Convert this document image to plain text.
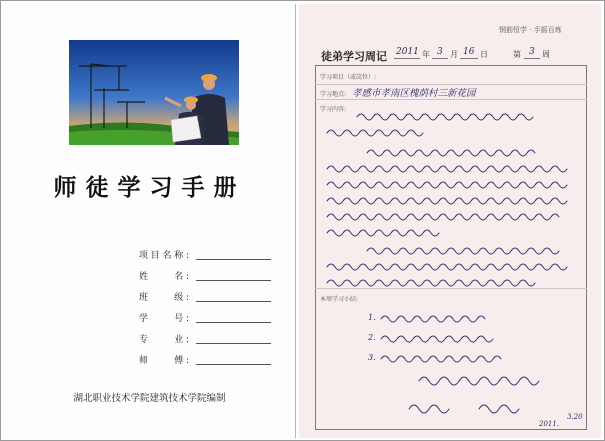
师徒学习手册
项目名称:
姓　　名:
班　　级:
学　　号:
专　　业:
师　　傅:
湖北职业技术学院建筑技术学院编制
钢筋恒学 · 手摇百炼
徒弟学习周记 2011 年 3 月 16 日	第 3 周
学习项目（或岗位）:
学习地点: 孝感市孝南区槐荫村三新花园
学习内容:
本周学习小结:
1.
2.
3.
2011.
3.20
